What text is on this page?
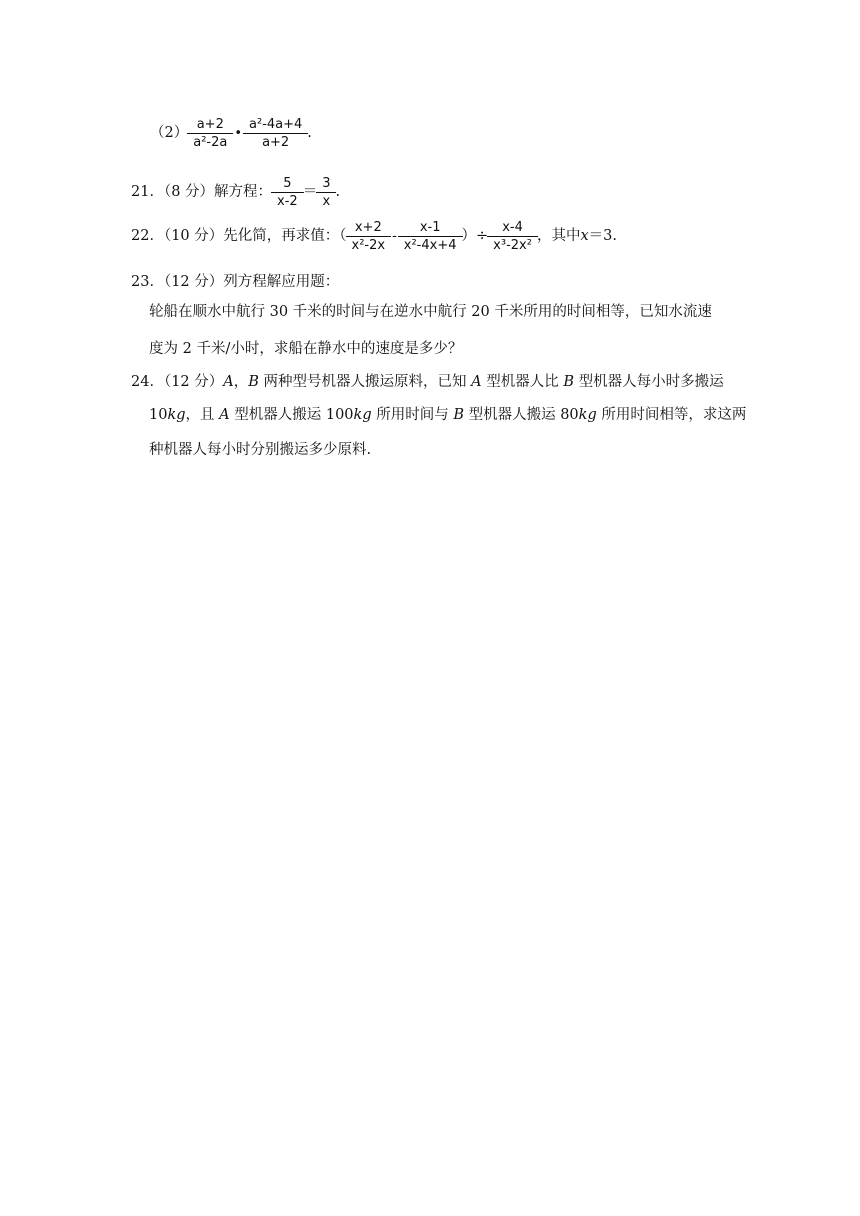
$(2) \frac{a+2}{\text{a²-2a}}$ • $\frac{\text{a²-4a+4}}{a+2}$ .
21．（8 分）解方程： $\frac{5}{x-2} = \frac{3}{x}$ .
22．（10 分）先化简，再求值：（ $\frac{x+2}{\text{x²-2x}} - \frac{x-1}{\text{x²-4x+4}}$ ）÷ $\frac{x-4}{\text{x³-2x²}}$ ，其中 x ＝3.
23．（12 分）列方程解应用题：
轮船在顺水中航行 30 千米的时间与在逆水中航行 20 千米所用的时间相等，已知水流速
度为 2 千米/小时，求船在静水中的速度是多少？
24．（12 分）A，B 两种型号机器人搬运原料，已知 A 型机器人比 B 型机器人每小时多搬运
10kg，且 A 型机器人搬运 100kg 所用时间与 B 型机器人搬运 80kg 所用时间相等，求这两
种机器人每小时分别搬运多少原料.
